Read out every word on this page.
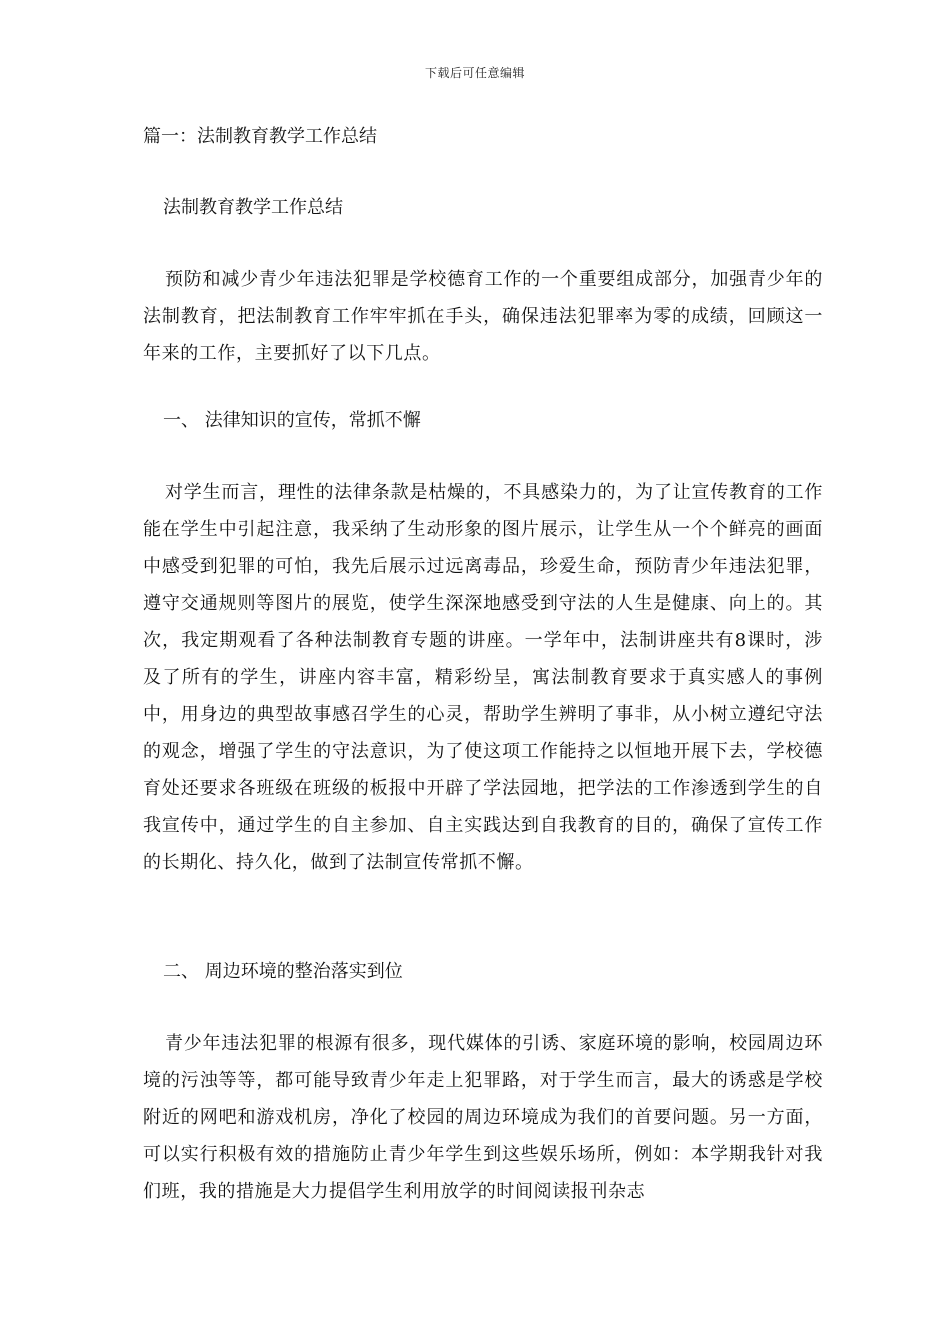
下载后可任意编辑
篇一：法制教育教学工作总结
法制教育教学工作总结

预防和减少青少年违法犯罪是学校德育工作的一个重要组成部分，加强青少年的法制教育，把法制教育工作牢牢抓在手头，确保违法犯罪率为零的成绩，回顾这一年来的工作，主要抓好了以下几点。

一、 法律知识的宣传，常抓不懈

对学生而言，理性的法律条款是枯燥的，不具感染力的，为了让宣传教育的工作能在学生中引起注意，我采纳了生动形象的图片展示，让学生从一个个鲜亮的画面中感受到犯罪的可怕，我先后展示过远离毒品，珍爱生命，预防青少年违法犯罪，遵守交通规则等图片的展览，使学生深深地感受到守法的人生是健康、向上的。其次，我定期观看了各种法制教育专题的讲座。一学年中，法制讲座共有8课时，涉及了所有的学生，讲座内容丰富，精彩纷呈，寓法制教育要求于真实感人的事例中，用身边的典型故事感召学生的心灵，帮助学生辨明了事非，从小树立遵纪守法的观念，增强了学生的守法意识，为了使这项工作能持之以恒地开展下去，学校德育处还要求各班级在班级的板报中开辟了学法园地，把学法的工作渗透到学生的自我宣传中，通过学生的自主参加、自主实践达到自我教育的目的，确保了宣传工作的长期化、持久化，做到了法制宣传常抓不懈。

二、 周边环境的整治落实到位

青少年违法犯罪的根源有很多，现代媒体的引诱、家庭环境的影响，校园周边环境的污浊等等，都可能导致青少年走上犯罪路，对于学生而言，最大的诱惑是学校附近的网吧和游戏机房，净化了校园的周边环境成为我们的首要问题。另一方面，可以实行积极有效的措施防止青少年学生到这些娱乐场所，例如：本学期我针对我们班，我的措施是大力提倡学生利用放学的时间阅读报刊杂志
